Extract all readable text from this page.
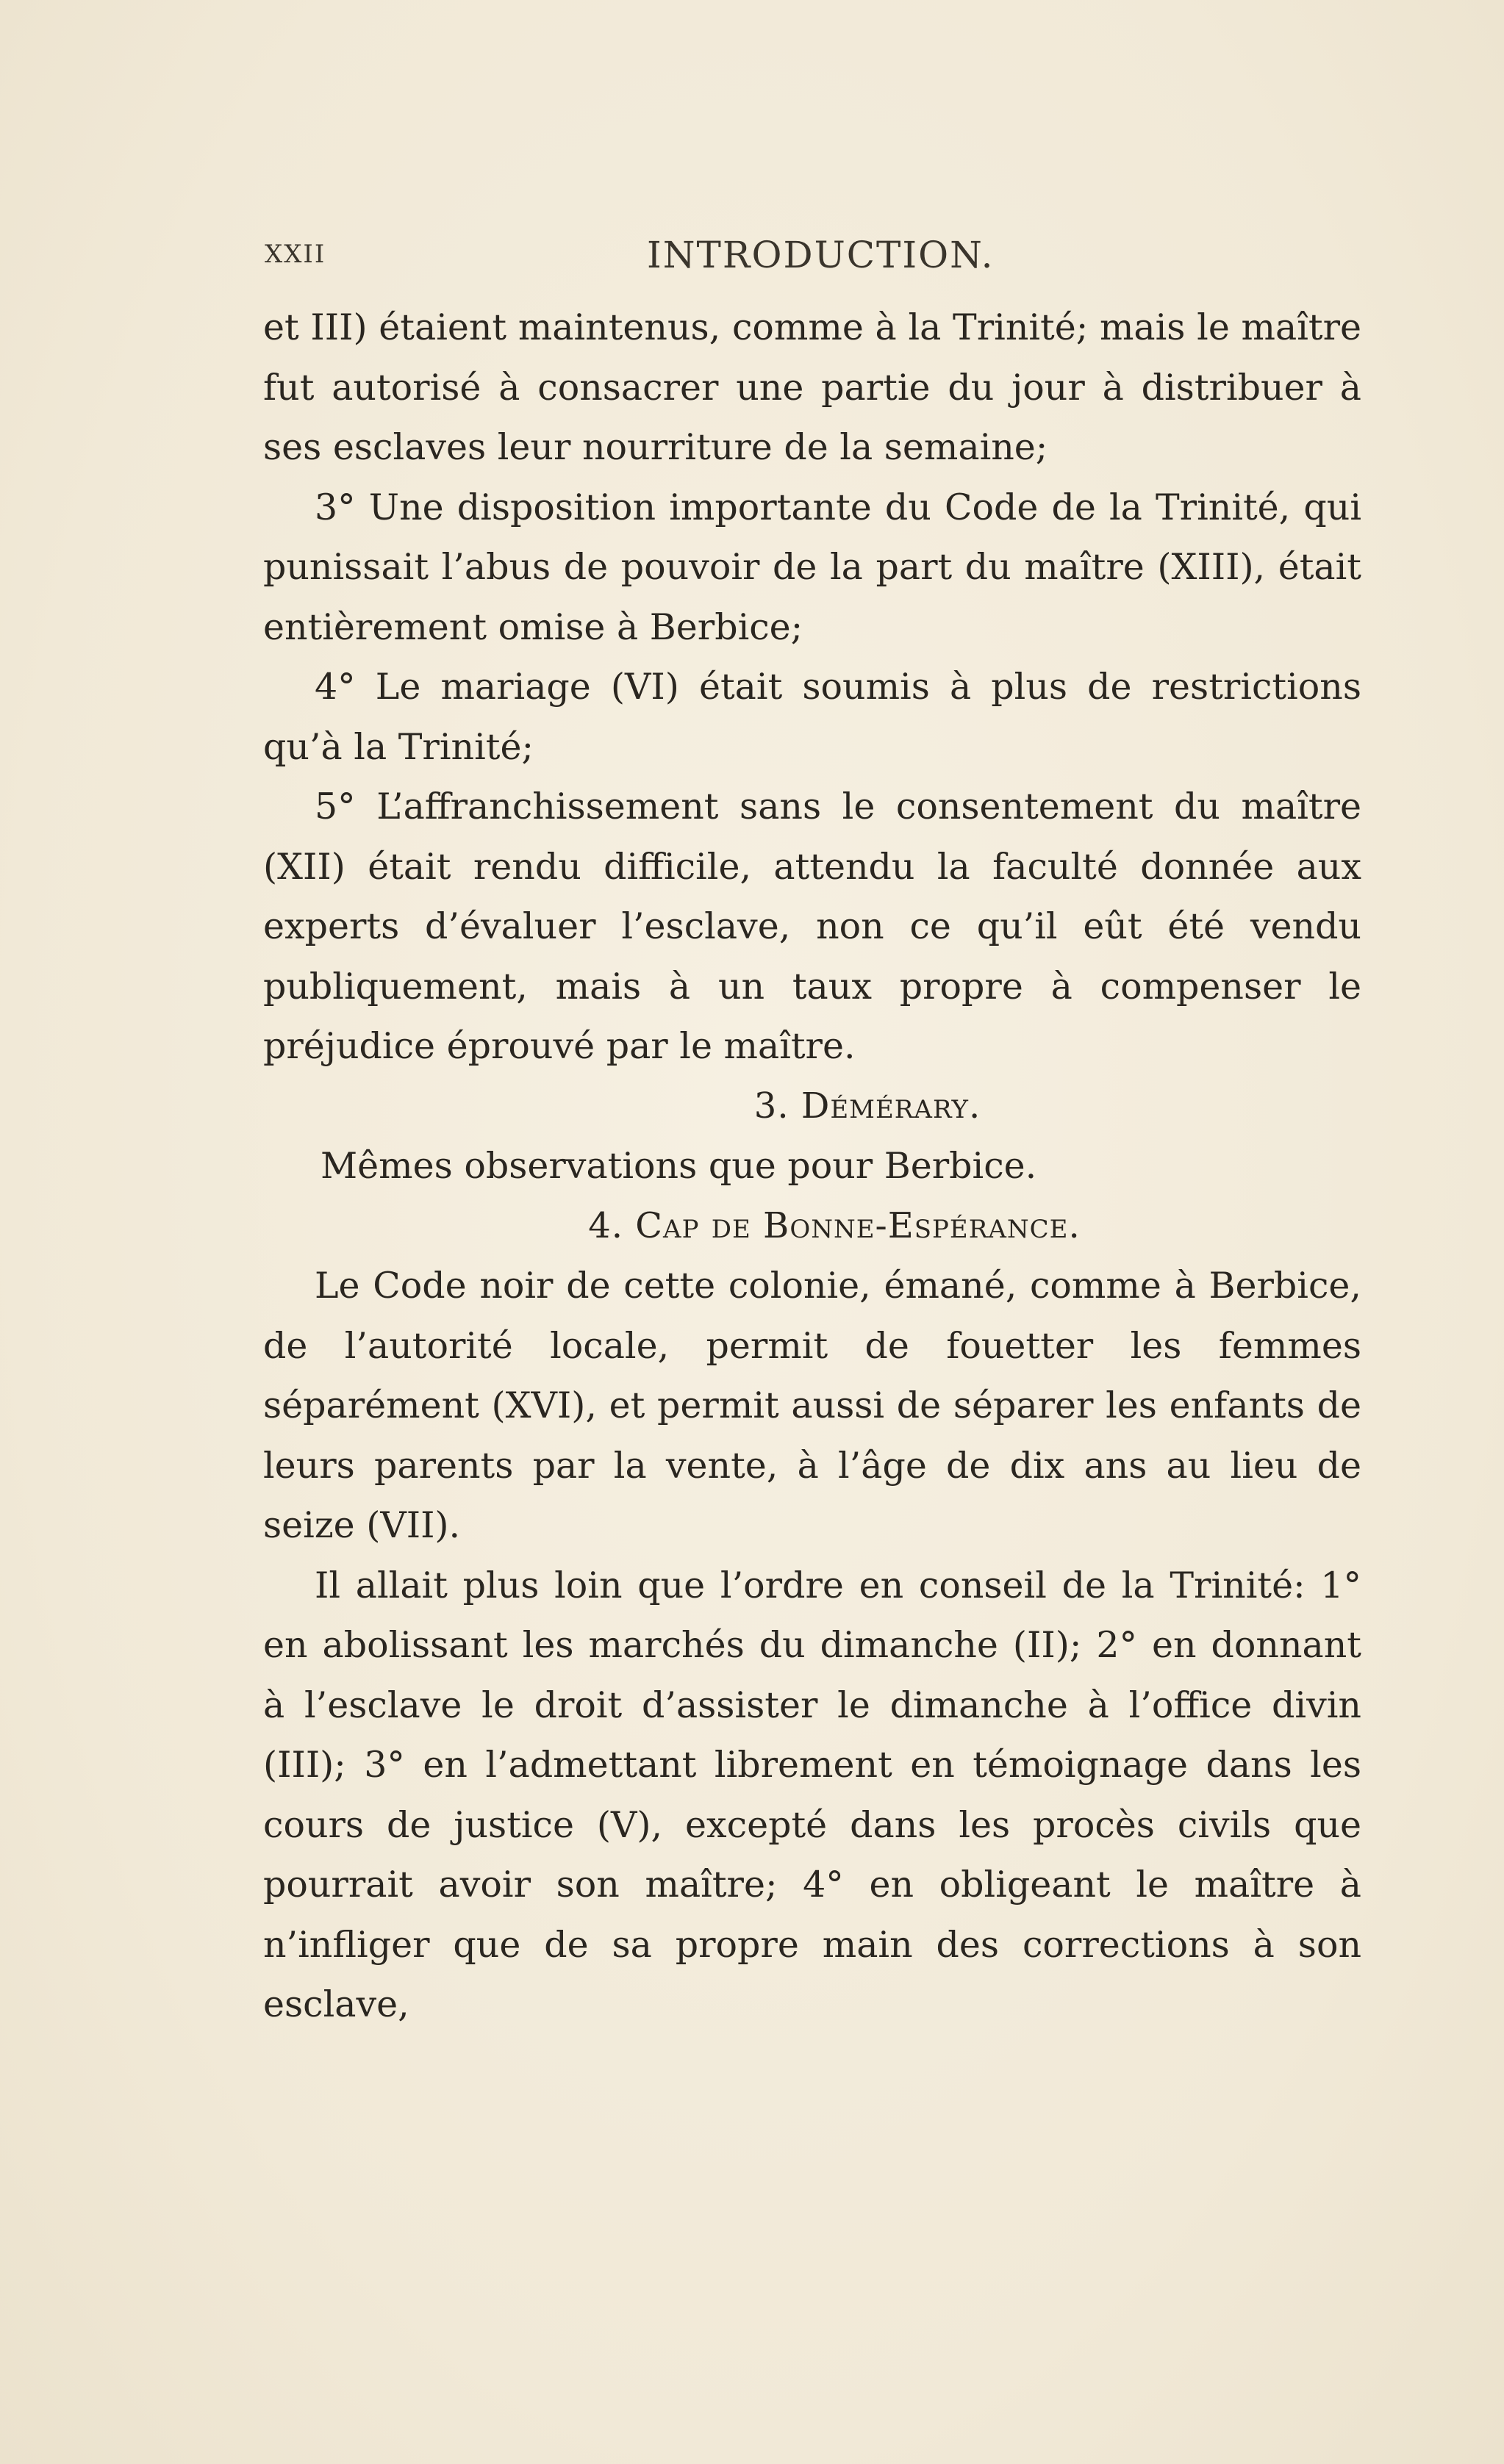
XXII	INTRODUCTION.

et III) étaient maintenus, comme à la Trinité; mais le maître fut autorisé à consacrer une partie du jour à distribuer à ses esclaves leur nourriture de la semaine;

3° Une disposition importante du Code de la Trinité, qui punissait l’abus de pouvoir de la part du maître (XIII), était entièrement omise à Berbice;

4° Le mariage (VI) était soumis à plus de restrictions qu’à la Trinité;

5° L’affranchissement sans le consentement du maître (XII) était rendu difficile, attendu la faculté donnée aux experts d’évaluer l’esclave, non ce qu’il eût été vendu publiquement, mais à un taux propre à compenser le préjudice éprouvé par le maître.

3. Démérary.

Mêmes observations que pour Berbice.

4. Cap de Bonne-Espérance.

Le Code noir de cette colonie, émané, comme à Berbice, de l’autorité locale, permit de fouetter les femmes séparément (XVI), et permit aussi de séparer les enfants de leurs parents par la vente, à l’âge de dix ans au lieu de seize (VII).

Il allait plus loin que l’ordre en conseil de la Trinité: 1° en abolissant les marchés du dimanche (II); 2° en donnant à l’esclave le droit d’assister le dimanche à l’office divin (III); 3° en l’admettant librement en témoignage dans les cours de justice (V), excepté dans les procès civils que pourrait avoir son maître; 4° en obligeant le maître à n’infliger que de sa propre main des corrections à son esclave,
